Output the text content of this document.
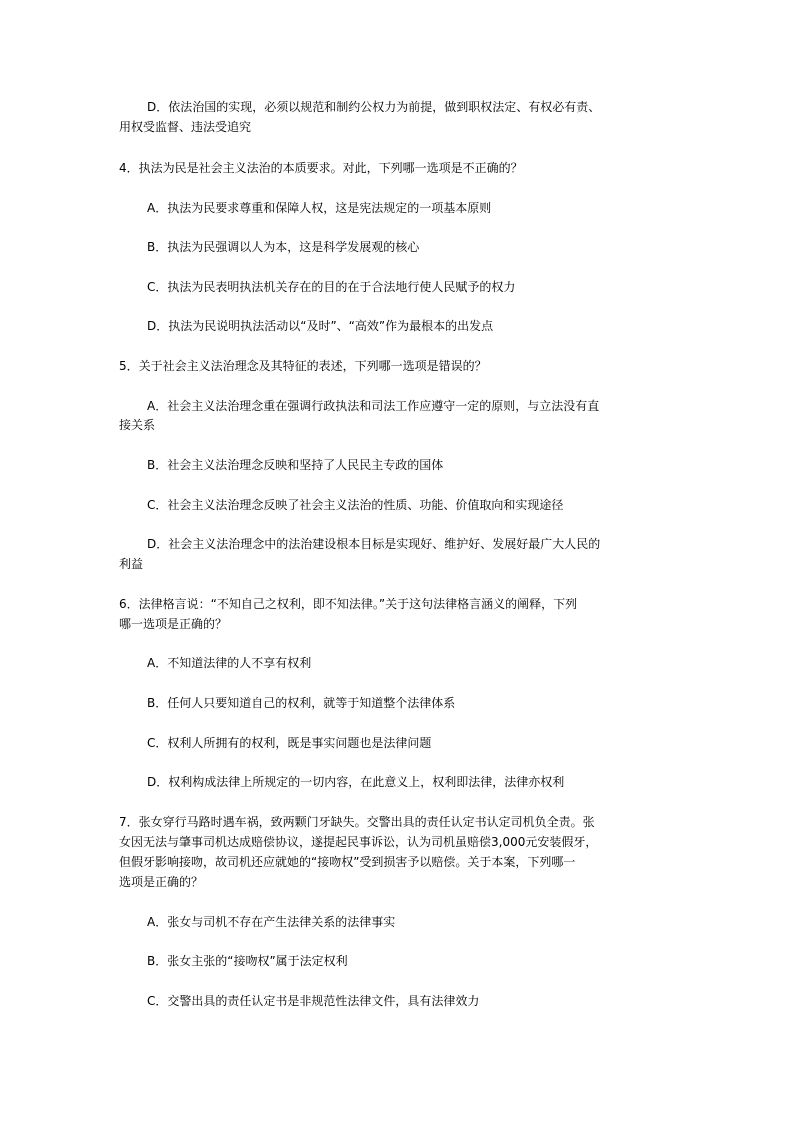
D．依法治国的实现，必须以规范和制约公权力为前提，做到职权法定、有权必有责、
用权受监督、违法受追究
4．执法为民是社会主义法治的本质要求。对此，下列哪一选项是不正确的？
A．执法为民要求尊重和保障人权，这是宪法规定的一项基本原则
B．执法为民强调以人为本，这是科学发展观的核心
C．执法为民表明执法机关存在的目的在于合法地行使人民赋予的权力
D．执法为民说明执法活动以“及时”、“高效”作为最根本的出发点
5．关于社会主义法治理念及其特征的表述，下列哪一选项是错误的？
A．社会主义法治理念重在强调行政执法和司法工作应遵守一定的原则，与立法没有直
接关系
B．社会主义法治理念反映和坚持了人民民主专政的国体
C．社会主义法治理念反映了社会主义法治的性质、功能、价值取向和实现途径
D．社会主义法治理念中的法治建设根本目标是实现好、维护好、发展好最广大人民的
利益
6．法律格言说：“不知自己之权利，即不知法律。”关于这句法律格言涵义的阐释，下列
哪一选项是正确的？
A．不知道法律的人不享有权利
B．任何人只要知道自己的权利，就等于知道整个法律体系
C．权利人所拥有的权利，既是事实问题也是法律问题
D．权利构成法律上所规定的一切内容，在此意义上，权利即法律，法律亦权利
7．张女穿行马路时遇车祸，致两颗门牙缺失。交警出具的责任认定书认定司机负全责。张
女因无法与肇事司机达成赔偿协议，遂提起民事诉讼，认为司机虽赔偿3,000元安装假牙，
但假牙影响接吻，故司机还应就她的“接吻权”受到损害予以赔偿。关于本案，下列哪一
选项是正确的？
A．张女与司机不存在产生法律关系的法律事实
B．张女主张的“接吻权”属于法定权利
C．交警出具的责任认定书是非规范性法律文件，具有法律效力
